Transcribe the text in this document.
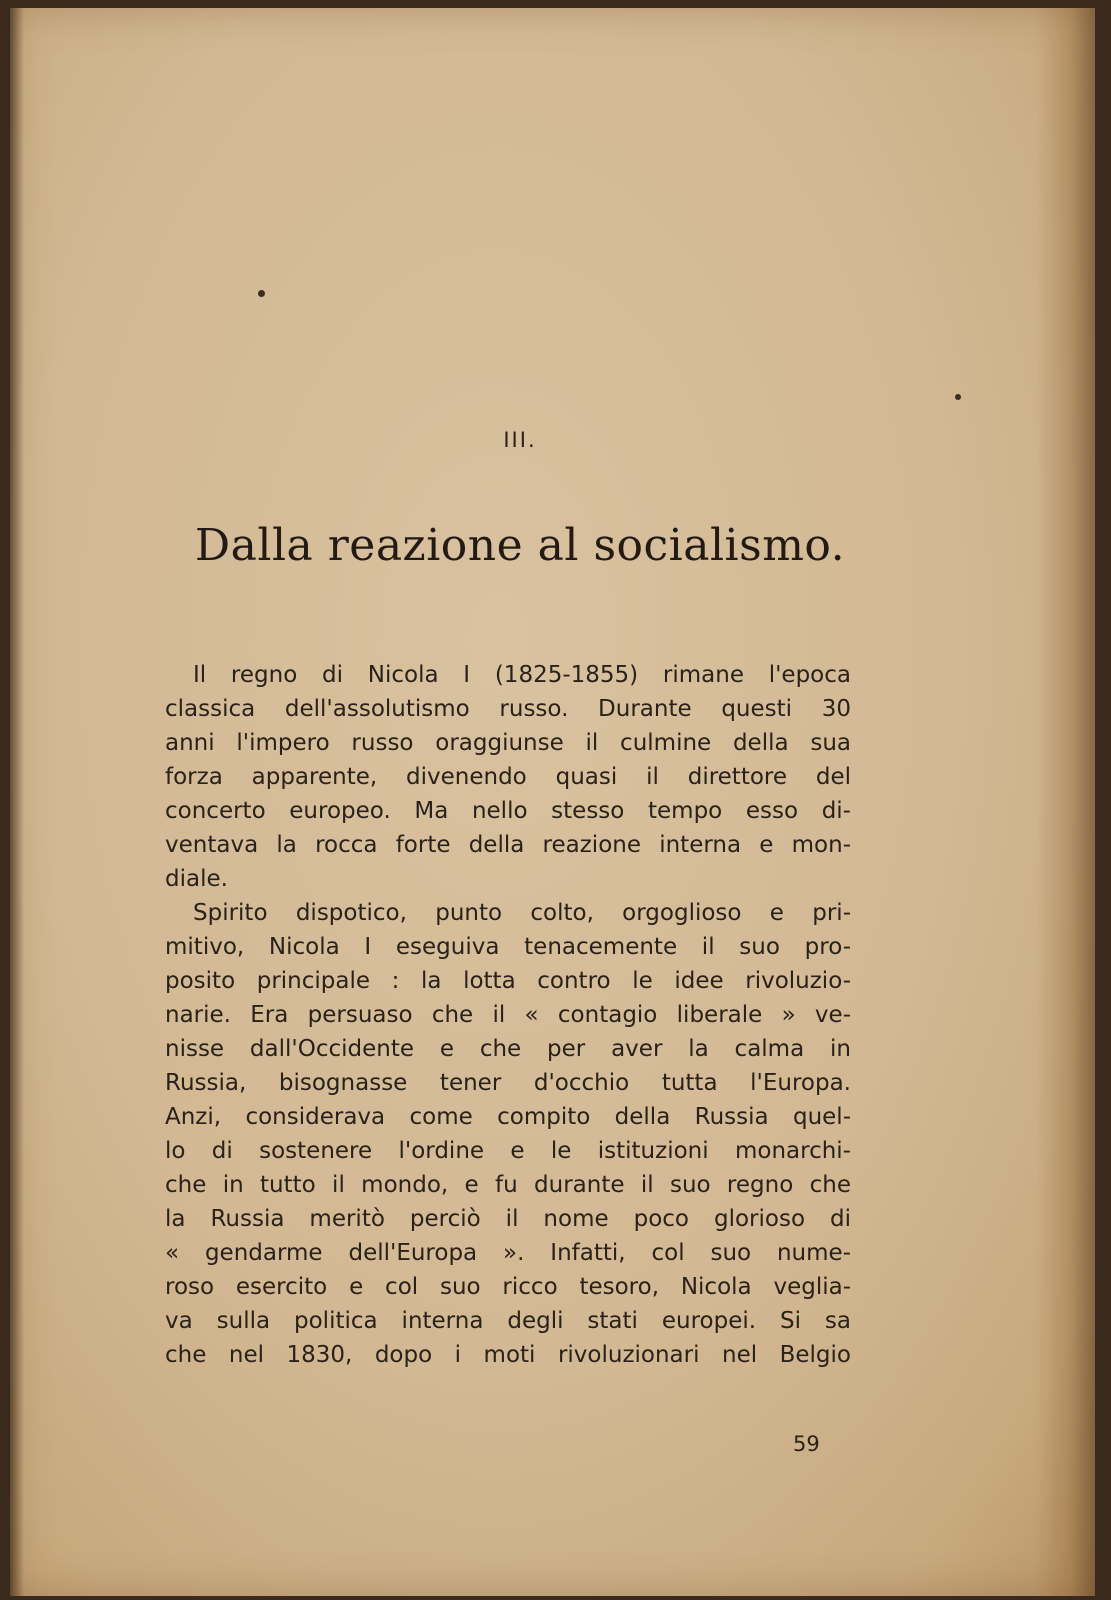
III.
Dalla reazione al socialismo.
Il regno di Nicola I (1825-1855) rimane l'epoca
classica dell'assolutismo russo. Durante questi 30
anni l'impero russo oraggiunse il culmine della sua
forza apparente, divenendo quasi il direttore del
concerto europeo. Ma nello stesso tempo esso di-
ventava la rocca forte della reazione interna e mon-
diale.
Spirito dispotico, punto colto, orgoglioso e pri-
mitivo, Nicola I eseguiva tenacemente il suo pro-
posito principale : la lotta contro le idee rivoluzio-
narie. Era persuaso che il « contagio liberale » ve-
nisse dall'Occidente e che per aver la calma in
Russia, bisognasse tener d'occhio tutta l'Europa.
Anzi, considerava come compito della Russia quel-
lo di sostenere l'ordine e le istituzioni monarchi-
che in tutto il mondo, e fu durante il suo regno che
la Russia meritò perciò il nome poco glorioso di
« gendarme dell'Europa ». Infatti, col suo nume-
roso esercito e col suo ricco tesoro, Nicola veglia-
va sulla politica interna degli stati europei. Si sa
che nel 1830, dopo i moti rivoluzionari nel Belgio
59
